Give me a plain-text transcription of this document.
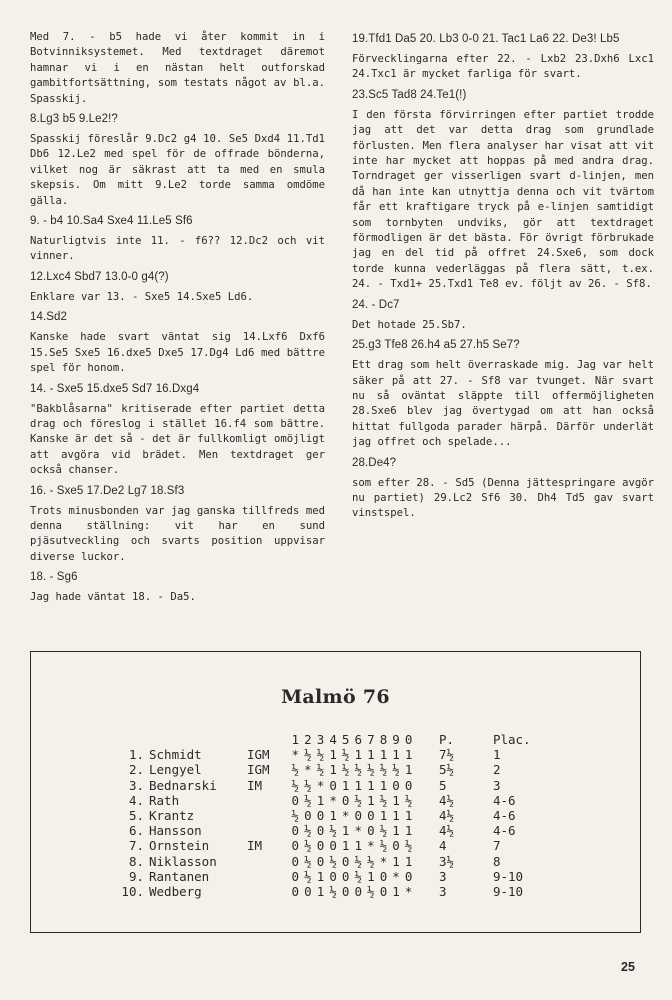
Med 7. - b5 hade vi åter kommit in i Botvinniksystemet. Med textdraget däremot hamnar vi i en nästan helt outforskad gambitfortsättning, som testats något av bl.a. Spasskij.

8.Lg3 b5 9.Le2!?

Spasskij föreslår 9.Dc2 g4 10. Se5 Dxd4 11.Td1 Db6 12.Le2 med spel för de offrade bönderna, vilket nog är säkrast att ta med en smula skepsis. Om mitt 9.Le2 torde samma omdöme gälla.

9. - b4 10.Sa4 Sxe4 11.Le5 Sf6

Naturligtvis inte 11. - f6?? 12.Dc2 och vit vinner.

12.Lxc4 Sbd7 13.0-0 g4(?)

Enklare var 13. - Sxe5 14.Sxe5 Ld6.

14.Sd2

Kanske hade svart väntat sig 14.Lxf6 Dxf6 15.Se5 Sxe5 16.dxe5 Dxe5 17.Dg4 Ld6 med bättre spel för honom.

14. - Sxe5 15.dxe5 Sd7 16.Dxg4

"Bakblåsarna" kritiserade efter partiet detta drag och föreslog i stället 16.f4 som bättre. Kanske är det så - det är fullkomligt omöjligt att avgöra vid brädet. Men textdraget ger också chanser.

16. - Sxe5 17.De2 Lg7 18.Sf3

Trots minusbonden var jag ganska tillfreds med denna ställning: vit har en sund pjäsutveckling och svarts position uppvisar diverse luckor.

18. - Sg6

Jag hade väntat 18. - Da5.

19.Tfd1 Da5 20. Lb3 0-0 21. Tac1 La6 22. De3! Lb5

Förvecklingarna efter 22. - Lxb2 23.Dxh6 Lxc1 24.Txc1 är mycket farliga för svart.

23.Sc5 Tad8 24.Te1(!)

I den första förvirringen efter partiet trodde jag att det var detta drag som grundlade förlusten. Men flera analyser har visat att vit inte har mycket att hoppas på med andra drag. Torndraget ger visserligen svart d-linjen, men då han inte kan utnyttja denna och vit tvärtom får ett kraftigare tryck på e-linjen samtidigt som tornbyten undviks, gör att textdraget förmodligen är det bästa. För övrigt förbrukade jag en del tid på offret 24.Sxe6, som dock torde kunna vederläggas på flera sätt, t.ex. 24. - Txd1+ 25.Txd1 Te8 ev. följt av 26. - Sf8.

24. - Dc7

Det hotade 25.Sb7.

25.g3 Tfe8 26.h4 a5 27.h5 Se7?

Ett drag som helt överraskade mig. Jag var helt säker på att 27. - Sf8 var tvunget. När svart nu så oväntat släppte till offermöjligheten 28.Sxe6 blev jag övertygad om att han också hittat fullgoda parader härpå. Därför underlät jag offret och spelade...

28.De4?

som efter 28. - Sd5 (Denna jättespringare avgör nu partiet) 29.Lc2 Sf6 30. Dh4 Td5 gav svart vinstspel.

Malmö 76
			1	2	3	4	5	6	7	8	9	0	P.	Plac.
1.	Schmidt	IGM	*	½	½	1	½	1	1	1	1	1	7½	1
2.	Lengyel	IGM	½	*	½	1	½	½	½	½	½	1	5½	2
3.	Bednarski	IM	½	½	*	0	1	1	1	1	0	0	5	3
4.	Rath		0	½	1	*	0	½	1	½	1	½	4½	4-6
5.	Krantz		½	0	0	1	*	0	0	1	1	1	4½	4-6
6.	Hansson		0	½	0	½	1	*	0	½	1	1	4½	4-6
7.	Ornstein	IM	0	½	0	0	1	1	*	½	0	½	4	7
8.	Niklasson		0	½	0	½	0	½	½	*	1	1	3½	8
9.	Rantanen		0	½	1	0	0	½	1	0	*	0	3	9-10
10.	Wedberg		0	0	1	½	0	0	½	0	1	*	3	9-10
25
